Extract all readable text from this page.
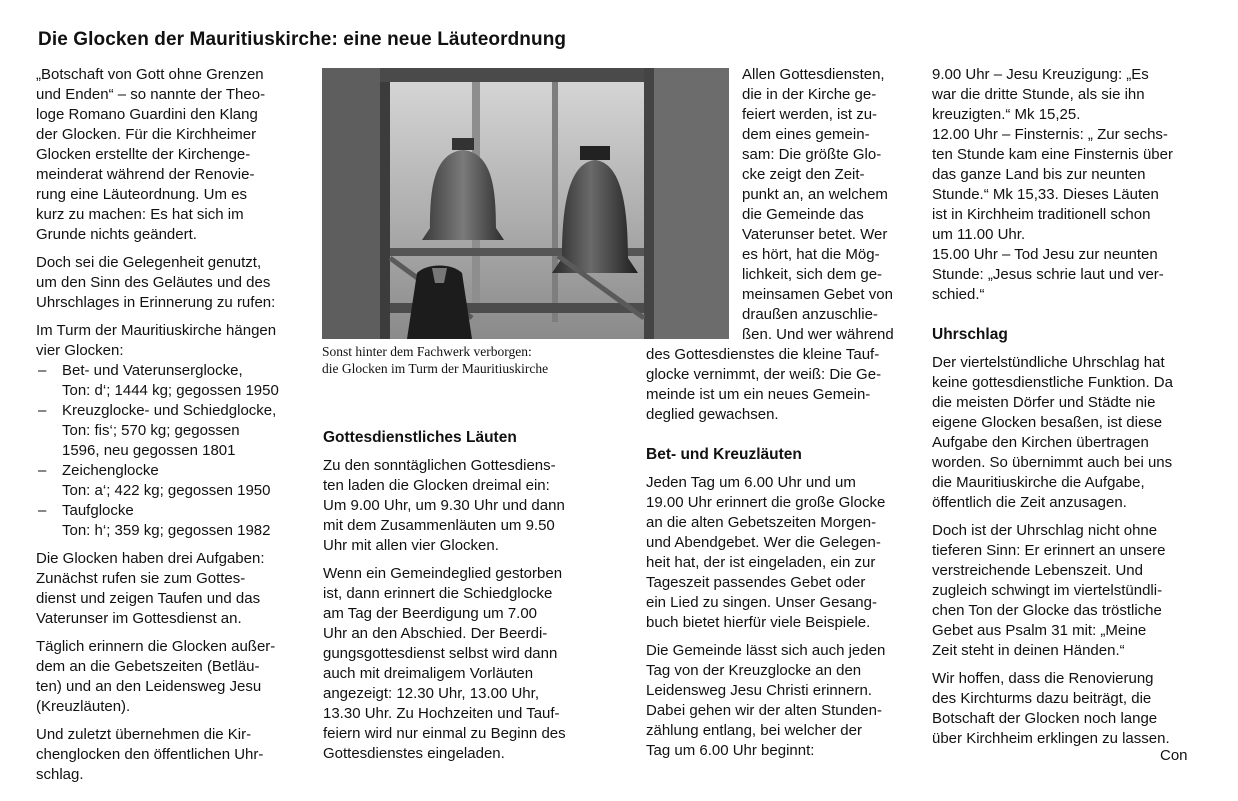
Die Glocken der Mauritiuskirche: eine neue Läuteordnung

„Botschaft von Gott ohne Grenzen
und Enden“ – so nannte der Theo-
loge Romano Guardini den Klang
der Glocken. Für die Kirchheimer
Glocken erstellte der Kirchenge-
meinderat während der Renovie-
rung eine Läuteordnung. Um es
kurz zu machen: Es hat sich im
Grunde nichts geändert.

Doch sei die Gelegenheit genutzt,
um den Sinn des Geläutes und des
Uhrschlages in Erinnerung zu rufen:

Im Turm der Mauritiuskirche hängen
vier Glocken:

– Bet- und Vaterunserglocke,
Ton: d‘; 1444 kg; gegossen 1950
– Kreuzglocke- und Schiedglocke,
Ton: fis‘; 570 kg; gegossen
1596, neu gegossen 1801
– Zeichenglocke
Ton: a‘; 422 kg; gegossen 1950
– Taufglocke
Ton: h‘; 359 kg; gegossen 1982

Die Glocken haben drei Aufgaben:
Zunächst rufen sie zum Gottes-
dienst und zeigen Taufen und das
Vaterunser im Gottesdienst an.

Täglich erinnern die Glocken außer-
dem an die Gebetszeiten (Betläu-
ten) und an den Leidensweg Jesu
(Kreuzläuten).

Und zuletzt übernehmen die Kir-
chenglocken den öffentlichen Uhr-
schlag.

Sonst hinter dem Fachwerk verborgen:
die Glocken im Turm der Mauritiuskirche

Gottesdienstliches Läuten

Zu den sonntäglichen Gottesdiens-
ten laden die Glocken dreimal ein:
Um 9.00 Uhr, um 9.30 Uhr und dann
mit dem Zusammenläuten um 9.50
Uhr mit allen vier Glocken.

Wenn ein Gemeindeglied gestorben
ist, dann erinnert die Schiedglocke
am Tag der Beerdigung um 7.00
Uhr an den Abschied. Der Beerdi-
gungsgottesdienst selbst wird dann
auch mit dreimaligem Vorläuten
angezeigt: 12.30 Uhr, 13.00 Uhr,
13.30 Uhr. Zu Hochzeiten und Tauf-
feiern wird nur einmal zu Beginn des
Gottesdienstes eingeladen.

Allen Gottesdiensten,
die in der Kirche ge-
feiert werden, ist zu-
dem eines gemein-
sam: Die größte Glo-
cke zeigt den Zeit-
punkt an, an welchem
die Gemeinde das
Vaterunser betet. Wer
es hört, hat die Mög-
lichkeit, sich dem ge-
meinsamen Gebet von
draußen anzuschlie-
ßen. Und wer während

des Gottesdienstes die kleine Tauf-
glocke vernimmt, der weiß: Die Ge-
meinde ist um ein neues Gemein-
deglied gewachsen.

Bet- und Kreuzläuten

Jeden Tag um 6.00 Uhr und um
19.00 Uhr erinnert die große Glocke
an die alten Gebetszeiten Morgen-
und Abendgebet. Wer die Gelegen-
heit hat, der ist eingeladen, ein zur
Tageszeit passendes Gebet oder
ein Lied zu singen. Unser Gesang-
buch bietet hierfür viele Beispiele.

Die Gemeinde lässt sich auch jeden
Tag von der Kreuzglocke an den
Leidensweg Jesu Christi erinnern.
Dabei gehen wir der alten Stunden-
zählung entlang, bei welcher der
Tag um 6.00 Uhr beginnt:

9.00 Uhr – Jesu Kreuzigung: „Es
war die dritte Stunde, als sie ihn
kreuzigten.“ Mk 15,25.
12.00 Uhr – Finsternis: „ Zur sechs-
ten Stunde kam eine Finsternis über
das ganze Land bis zur neunten
Stunde.“ Mk 15,33. Dieses Läuten
ist in Kirchheim traditionell schon
um 11.00 Uhr.
15.00 Uhr – Tod Jesu zur neunten
Stunde: „Jesus schrie laut und ver-
schied.“

Uhrschlag

Der viertelstündliche Uhrschlag hat
keine gottesdienstliche Funktion. Da
die meisten Dörfer und Städte nie
eigene Glocken besaßen, ist diese
Aufgabe den Kirchen übertragen
worden. So übernimmt auch bei uns
die Mauritiuskirche die Aufgabe,
öffentlich die Zeit anzusagen.

Doch ist der Uhrschlag nicht ohne
tieferen Sinn: Er erinnert an unsere
verstreichende Lebenszeit. Und
zugleich schwingt im viertelstündli-
chen Ton der Glocke das tröstliche
Gebet aus Psalm 31 mit: „Meine
Zeit steht in deinen Händen.“

Wir hoffen, dass die Renovierung
des Kirchturms dazu beiträgt, die
Botschaft der Glocken noch lange
über Kirchheim erklingen zu lassen.

Con
